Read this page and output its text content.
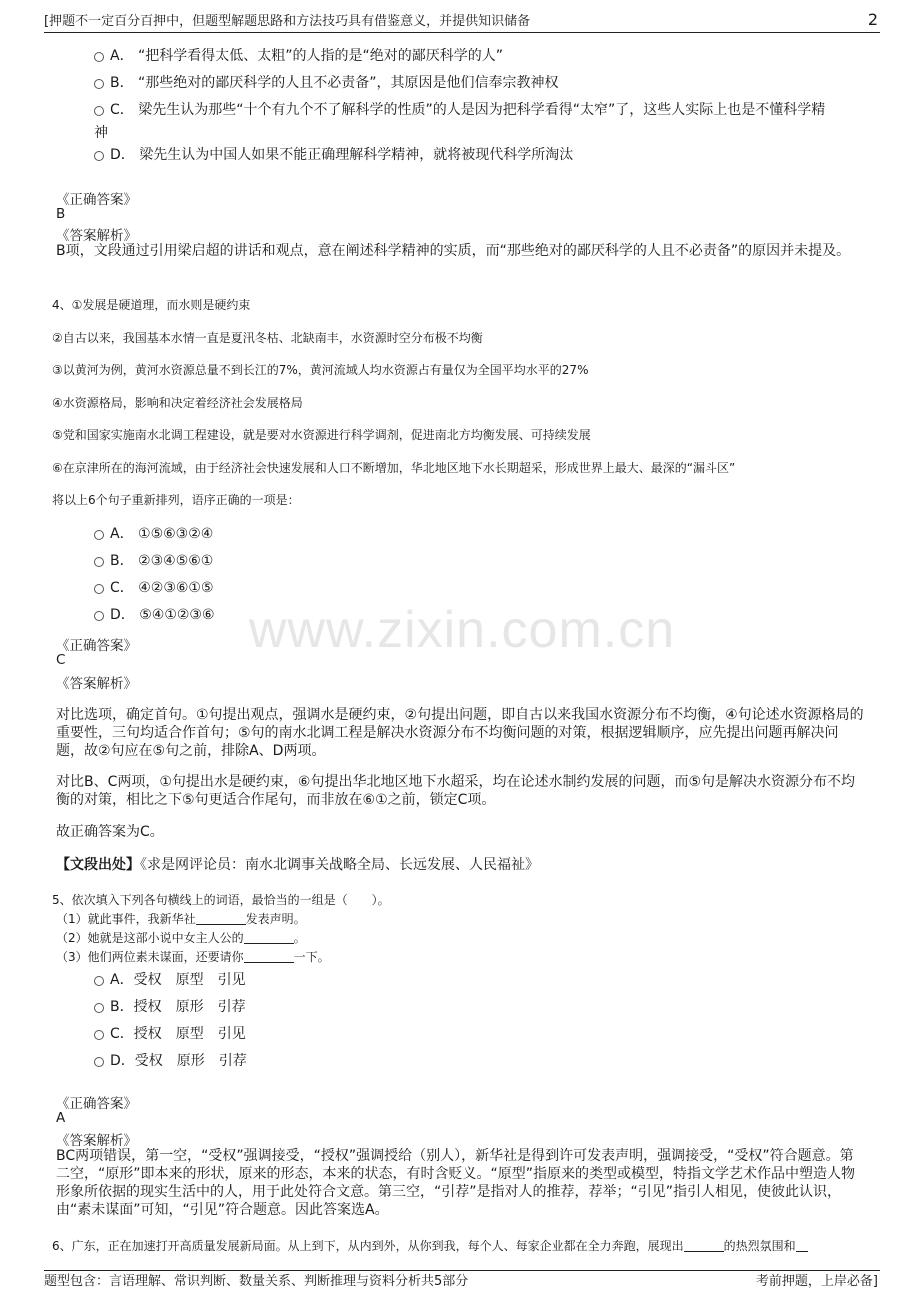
[押题不一定百分百押中，但题型解题思路和方法技巧具有借鉴意义，并提供知识储备	2
www.zixin.com.cn
A． “把科学看得太低、太粗”的人指的是“绝对的鄙厌科学的人”
B． “那些绝对的鄙厌科学的人且不必责备”，其原因是他们信奉宗教神权
C． 梁先生认为那些“十个有九个不了解科学的性质”的人是因为把科学看得“太窄”了，这些人实际上也是不懂科学精
神
D． 梁先生认为中国人如果不能正确理解科学精神，就将被现代科学所淘汰
《正确答案》
B
《答案解析》
B项，文段通过引用梁启超的讲话和观点，意在阐述科学精神的实质，而“那些绝对的鄙厌科学的人且不必责备”的原因并未提及。
4、①发展是硬道理，而水则是硬约束
②自古以来，我国基本水情一直是夏汛冬枯、北缺南丰，水资源时空分布极不均衡
③以黄河为例，黄河水资源总量不到长江的7%，黄河流域人均水资源占有量仅为全国平均水平的27%
④水资源格局，影响和决定着经济社会发展格局
⑤党和国家实施南水北调工程建设，就是要对水资源进行科学调剂，促进南北方均衡发展、可持续发展
⑥在京津所在的海河流域，由于经济社会快速发展和人口不断增加，华北地区地下水长期超采，形成世界上最大、最深的“漏斗区”
将以上6个句子重新排列，语序正确的一项是：
A． ①⑤⑥③②④
B． ②③④⑤⑥①
C． ④②③⑥①⑤
D． ⑤④①②③⑥
《正确答案》
C
《答案解析》
对比选项，确定首句。①句提出观点，强调水是硬约束，②句提出问题，即自古以来我国水资源分布不均衡，④句论述水资源格局的重要性，三句均适合作首句；⑤句的南水北调工程是解决水资源分布不均衡问题的对策，根据逻辑顺序，应先提出问题再解决问题，故②句应在⑤句之前，排除A、D两项。
对比B、C两项，①句提出水是硬约束，⑥句提出华北地区地下水超采，均在论述水制约发展的问题，而⑤句是解决水资源分布不均衡的对策，相比之下⑤句更适合作尾句，而非放在⑥①之前，锁定C项。
故正确答案为C。
【文段出处】《求是网评论员：南水北调事关战略全局、长远发展、人民福祉》
5、依次填入下列各句横线上的词语，最恰当的一组是（　　）。
（1）就此事件，我新华社	发表声明。
（2）她就是这部小说中女主人公的	。
（3）他们两位素未谋面，还要请你	一下。
A．受权　原型　引见
B．授权　原形　引荐
C．授权　原型　引见
D．受权　原形　引荐
《正确答案》
A
《答案解析》
BC两项错误，第一空，“受权”强调接受，“授权”强调授给（别人），新华社是得到许可发表声明，强调接受，“受权”符合题意。第二空，“原形”即本来的形状，原来的形态，本来的状态，有时含贬义。“原型”指原来的类型或模型，特指文学艺术作品中塑造人物形象所依据的现实生活中的人，用于此处符合文意。第三空，“引荐”是指对人的推荐，荐举；“引见”指引人相见，使彼此认识，由“素未谋面”可知，“引见”符合题意。因此答案选A。
6、广东，正在加速打开高质量发展新局面。从上到下，从内到外，从你到我，每个人、每家企业都在全力奔跑，展现出	的热烈氛围和
题型包含：言语理解、常识判断、数量关系、判断推理与资料分析共5部分	考前押题，上岸必备]
